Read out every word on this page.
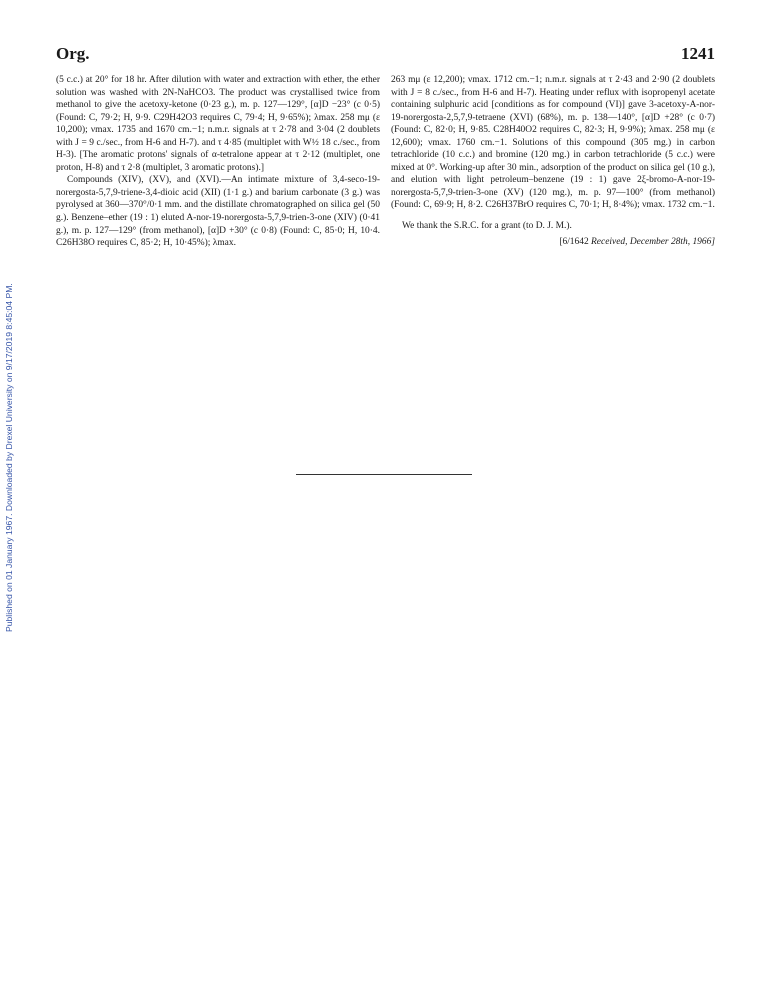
Published on 01 January 1967. Downloaded by Drexel University on 9/17/2019 8:45:04 PM.
Org.	1241

(5 c.c.) at 20° for 18 hr. After dilution with water and extraction with ether, the ether solution was washed with 2N-NaHCO3. The product was crystallised twice from methanol to give the acetoxy-ketone (0·23 g.), m. p. 127—129°, [α]D −23° (c 0·5) (Found: C, 79·2; H, 9·9. C29H42O3 requires C, 79·4; H, 9·65%); λmax. 258 mμ (ε 10,200); νmax. 1735 and 1670 cm.−1; n.m.r. signals at τ 2·78 and 3·04 (2 doublets with J = 9 c./sec., from H-6 and H-7). and τ 4·85 (multiplet with W½ 18 c./sec., from H-3). [The aromatic protons' signals of α-tetralone appear at τ 2·12 (multiplet, one proton, H-8) and τ 2·8 (multiplet, 3 aromatic protons).]

Compounds (XIV), (XV), and (XVI).—An intimate mixture of 3,4-seco-19-norergosta-5,7,9-triene-3,4-dioic acid (XII) (1·1 g.) and barium carbonate (3 g.) was pyrolysed at 360—370°/0·1 mm. and the distillate chromatographed on silica gel (50 g.). Benzene–ether (19 : 1) eluted A-nor-19-norergosta-5,7,9-trien-3-one (XIV) (0·41 g.), m. p. 127—129° (from methanol), [α]D +30° (c 0·8) (Found: C, 85·0; H, 10·4. C26H38O requires C, 85·2; H, 10·45%); λmax.

263 mμ (ε 12,200); νmax. 1712 cm.−1; n.m.r. signals at τ 2·43 and 2·90 (2 doublets with J = 8 c./sec., from H-6 and H-7). Heating under reflux with isopropenyl acetate containing sulphuric acid [conditions as for compound (VI)] gave 3-acetoxy-A-nor-19-norergosta-2,5,7,9-tetraene (XVI) (68%), m. p. 138—140°, [α]D +28° (c 0·7) (Found: C, 82·0; H, 9·85. C28H40O2 requires C, 82·3; H, 9·9%); λmax. 258 mμ (ε 12,600); νmax. 1760 cm.−1. Solutions of this compound (305 mg.) in carbon tetrachloride (10 c.c.) and bromine (120 mg.) in carbon tetrachloride (5 c.c.) were mixed at 0°. Working-up after 30 min., adsorption of the product on silica gel (10 g.), and elution with light petroleum–benzene (19 : 1) gave 2ξ-bromo-A-nor-19-norergosta-5,7,9-trien-3-one (XV) (120 mg.), m. p. 97—100° (from methanol) (Found: C, 69·9; H, 8·2. C26H37BrO requires C, 70·1; H, 8·4%); νmax. 1732 cm.−1.

We thank the S.R.C. for a grant (to D. J. M.).

[6/1642 Received, December 28th, 1966]
